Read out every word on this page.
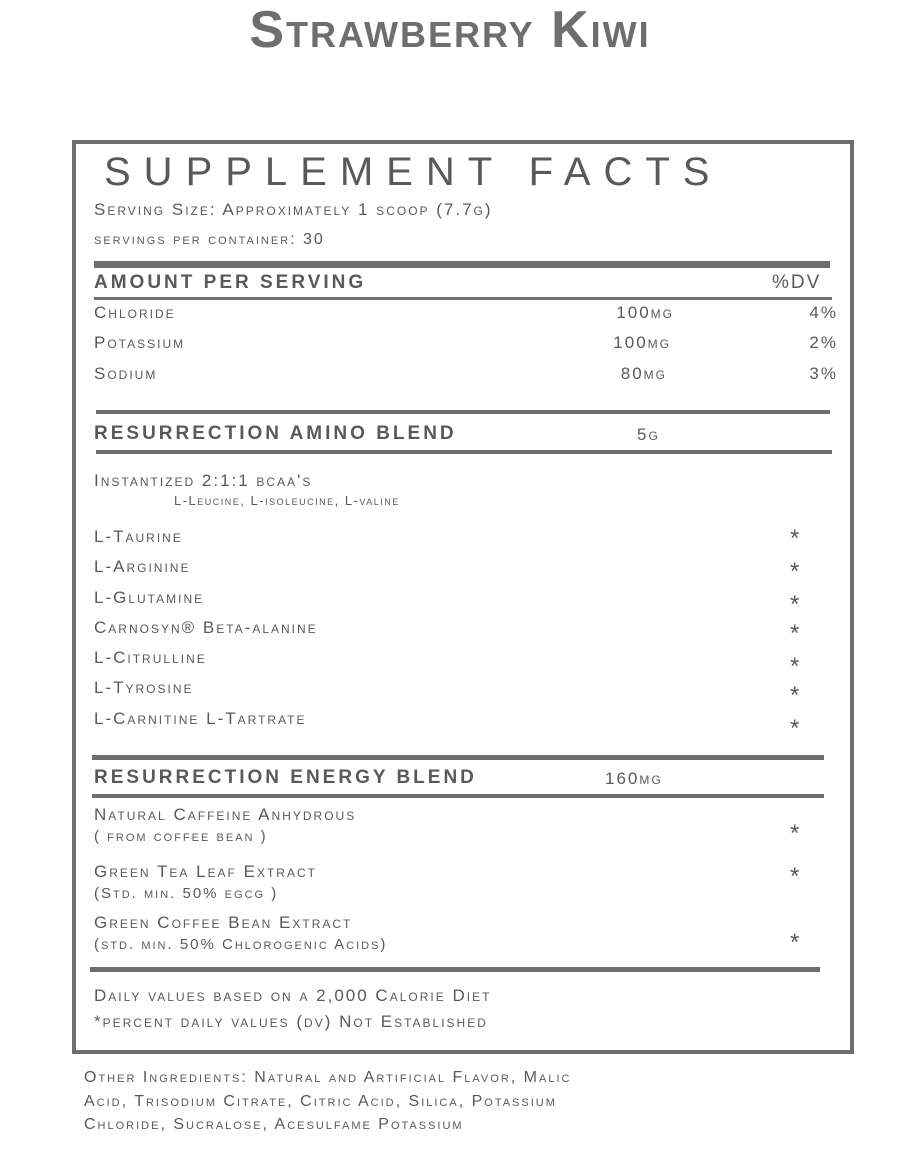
Strawberry Kiwi
SUPPLEMENT FACTS
Serving Size: Approximately 1 scoop (7.7g)
servings per container: 30
AMOUNT PER SERVING	%DV
Chloride	100mg	4%
Potassium	100mg	2%
Sodium	80mg	3%
RESURRECTION AMINO BLEND	5g
Instantized 2:1:1 bcaa's
L-Leucine, L-isoleucine, L-valine
L-Taurine	*
L-Arginine	*
L-Glutamine	*
Carnosyn® Beta-alanine	*
L-Citrulline	*
L-Tyrosine	*
L-Carnitine L-Tartrate	*
RESURRECTION ENERGY BLEND	160mg
Natural Caffeine Anhydrous
( from coffee bean )	*
Green Tea Leaf Extract
(Std. min. 50% egcg )
*
Green Coffee Bean Extract
(std. min. 50% Chlorogenic Acids)	*
Daily values based on a 2,000 Calorie Diet
*percent daily values (dv) Not Established
Other Ingredients: Natural and Artificial Flavor, Malic
Acid, Trisodium Citrate, Citric Acid, Silica, Potassium
Chloride, Sucralose, Acesulfame Potassium
